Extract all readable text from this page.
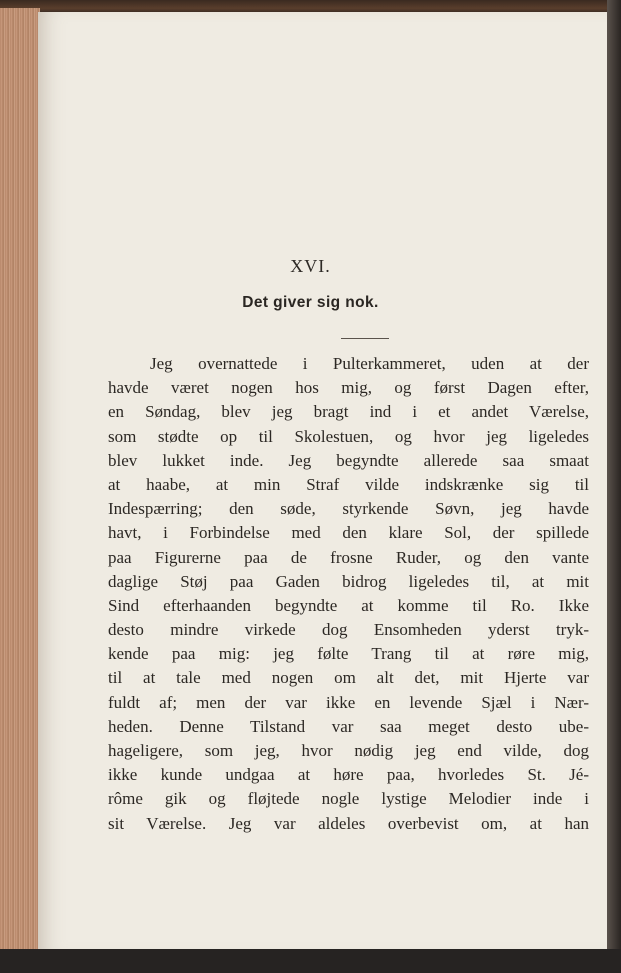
XVI.
Det giver sig nok.
Jeg overnattede i Pulterkammeret, uden at der
havde været nogen hos mig, og først Dagen efter,
en Søndag, blev jeg bragt ind i et andet Værelse,
som stødte op til Skolestuen, og hvor jeg ligeledes
blev lukket inde. Jeg begyndte allerede saa smaat
at haabe, at min Straf vilde indskrænke sig til
Indespærring; den søde, styrkende Søvn, jeg havde
havt, i Forbindelse med den klare Sol, der spillede
paa Figurerne paa de frosne Ruder, og den vante
daglige Støj paa Gaden bidrog ligeledes til, at mit
Sind efterhaanden begyndte at komme til Ro. Ikke
desto mindre virkede dog Ensomheden yderst tryk-
kende paa mig: jeg følte Trang til at røre mig,
til at tale med nogen om alt det, mit Hjerte var
fuldt af; men der var ikke en levende Sjæl i Nær-
heden. Denne Tilstand var saa meget desto ube-
hageligere, som jeg, hvor nødig jeg end vilde, dog
ikke kunde undgaa at høre paa, hvorledes St. Jé-
rôme gik og fløjtede nogle lystige Melodier inde i
sit Værelse. Jeg var aldeles overbevist om, at han
